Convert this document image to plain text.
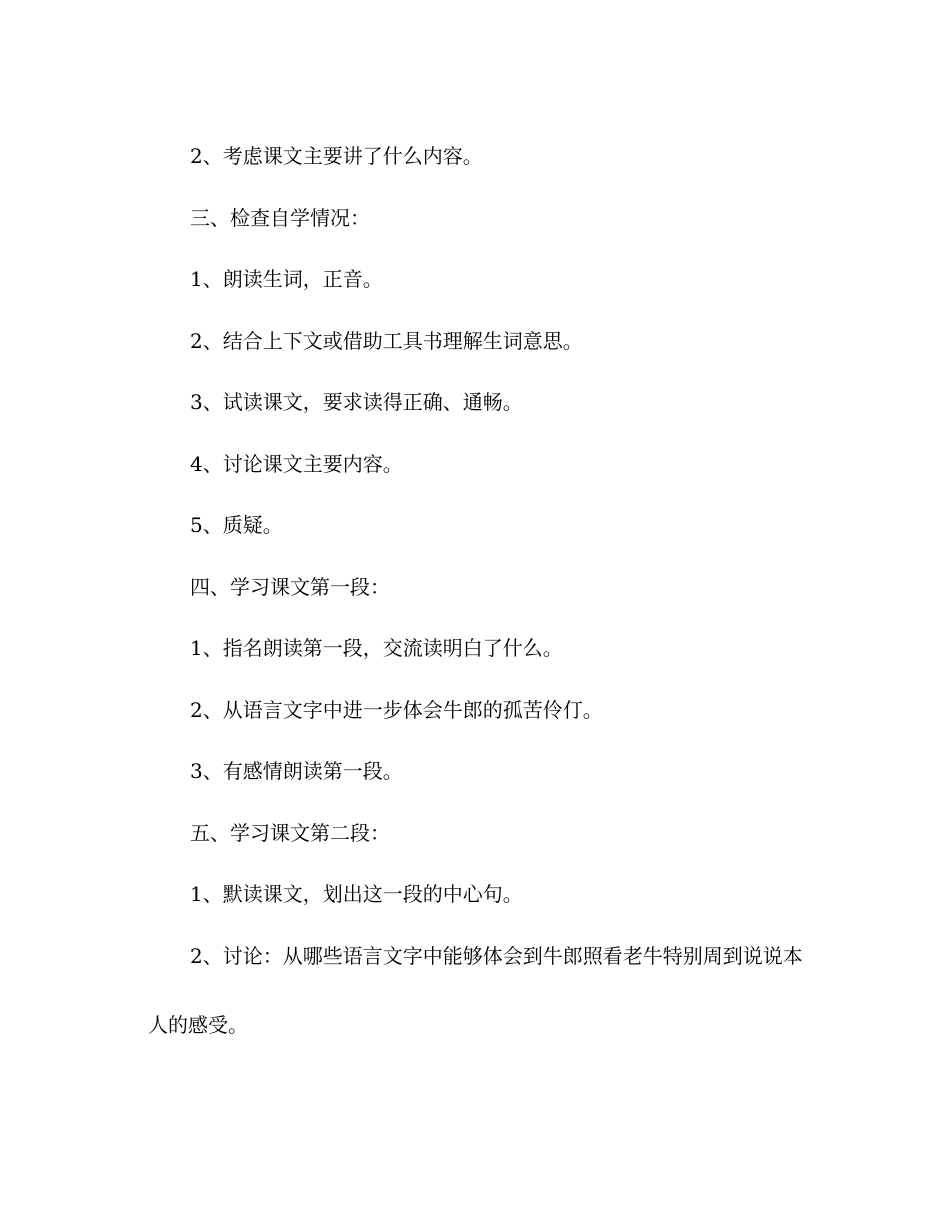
2、考虑课文主要讲了什么内容。

三、检查自学情况：

1、朗读生词，正音。

2、结合上下文或借助工具书理解生词意思。

3、试读课文，要求读得正确、通畅。

4、讨论课文主要内容。

5、质疑。

四、学习课文第一段：

1、指名朗读第一段，交流读明白了什么。

2、从语言文字中进一步体会牛郎的孤苦伶仃。

3、有感情朗读第一段。

五、学习课文第二段：

1、默读课文，划出这一段的中心句。

2、讨论：从哪些语言文字中能够体会到牛郎照看老牛特别周到说说本人的感受。
